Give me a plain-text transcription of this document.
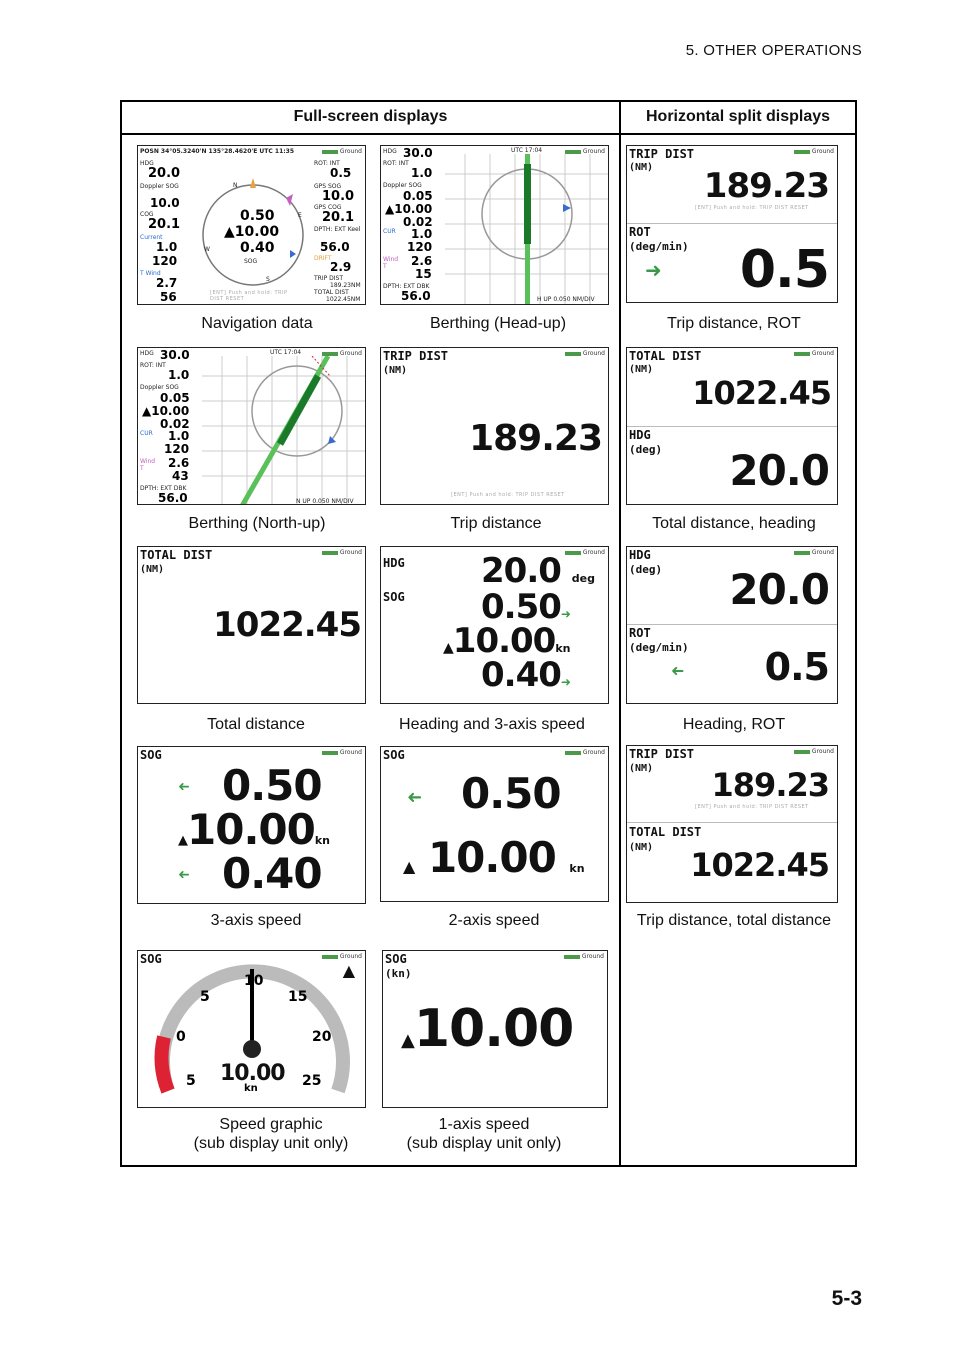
5. OTHER OPERATIONS
Full-screen displays	Horizontal split displays
POSN 34°05.3240'N 135°28.4620'E UTC 11:35	Ground
HDG
20.0
Doppler SOG
10.0
COG
20.1
Current
1.0
120
T Wind
2.7
56
N
E
S
W
0.50
▲10.00
0.40
SOG
[ENT] Push and hold: TRIP DIST RESET
ROT: INT
0.5
GPS SOG
10.0
GPS COG
20.1
DPTH: EXT Keel
56.0
DRIFT
2.9
TRIP DIST
189.23NM
TOTAL DIST
1022.45NM
Navigation data
HDG 30.0	UTC 17:04	Ground
ROT: INT
1.0
Doppler SOG
0.05
▲10.00
0.02
CUR 1.0
120
Wind T	2.6
15
DPTH: EXT DBK
56.0	H UP 0.050 NM/DIV
Berthing (Head-up)
Ground
TRIP DIST
(NM) 189.23
[ENT] Push and hold: TRIP DIST RESET
ROT
(deg/min)
➜ 0.5
Trip distance, ROT
HDG 30.0	UTC 17:04	Ground
ROT: INT
1.0
Doppler SOG
0.05
▲10.00
0.02
CUR 1.0
120
Wind T	2.6
43
DPTH: EXT DBK
56.0	N UP 0.050 NM/DIV
Berthing (North-up)
Ground
TRIP DIST
(NM)
189.23
[ENT] Push and hold: TRIP DIST RESET
Trip distance
Ground
TOTAL DIST
(NM)
1022.45
HDG
(deg) 20.0
Total distance, heading
Ground
TOTAL DIST
(NM)
1022.45
Total distance
Ground
HDG
SOG
20.0 deg
0.50➜
▲10.00kn
0.40➜
Heading and 3-axis speed
Ground
HDG
(deg) 20.0
ROT
(deg/min)
➜ 0.5
Heading, ROT
Ground
SOG
➜ 0.50
▲10.00kn
➜ 0.40
3-axis speed
Ground
SOG
➜ 0.50
▲ 10.00 kn
2-axis speed
Ground
TRIP DIST
(NM) 189.23
[ENT] Push and hold: TRIP DIST RESET
TOTAL DIST
(NM) 1022.45
Trip distance, total distance
Ground
SOG
▲
5
0
5
10
15
20
25
10.00
kn
Speed graphic
(sub display unit only)
Ground
SOG
(kn)
▲10.00
1-axis speed
(sub display unit only)
5-3
